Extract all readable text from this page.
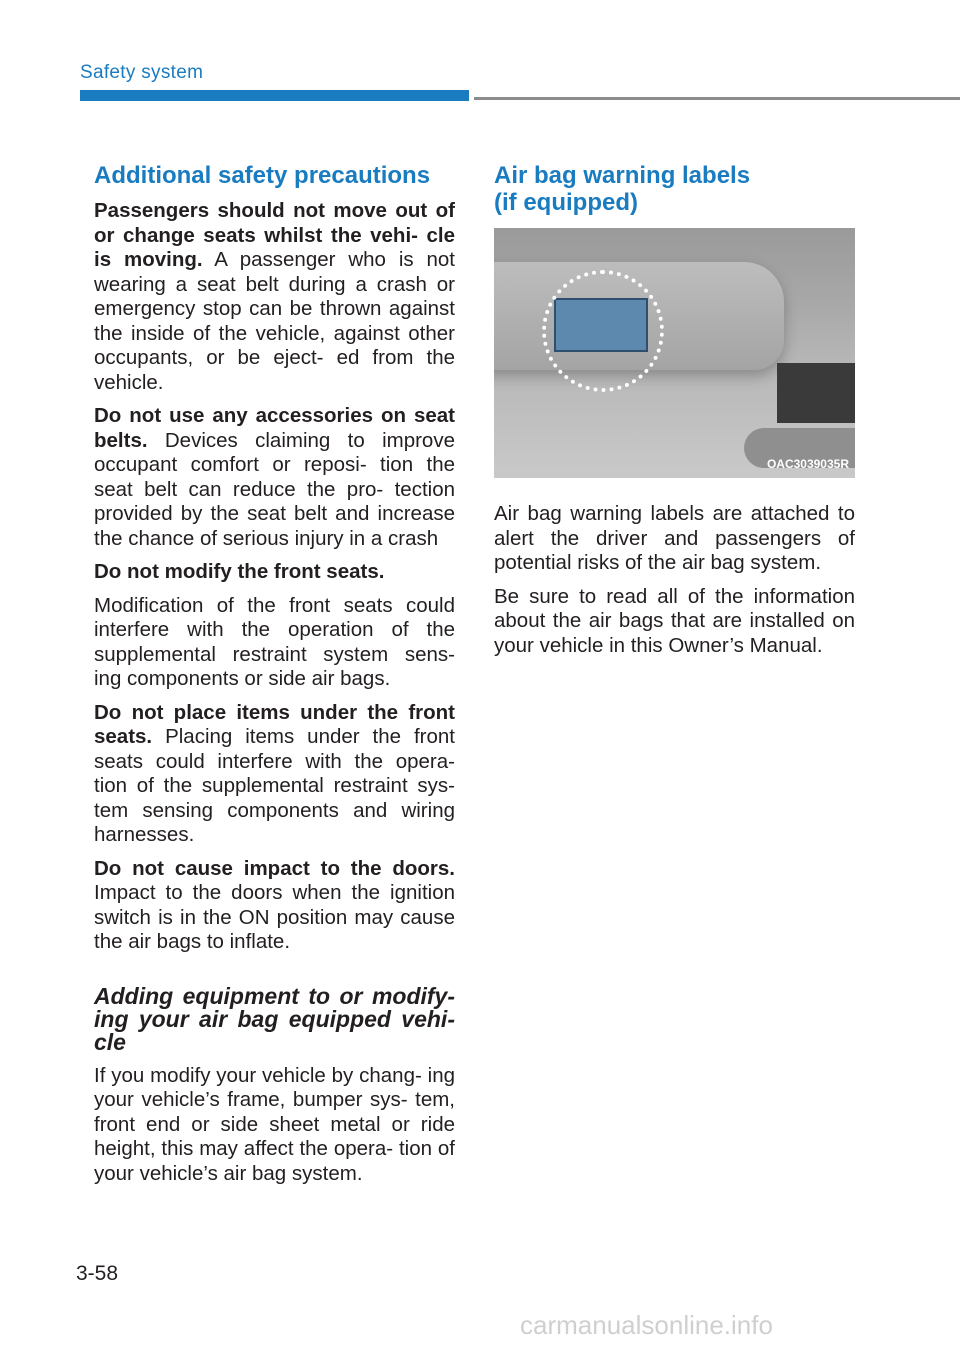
Safety system
Additional safety precautions

Passengers should not move out of or change seats whilst the vehi- cle is moving. A passenger who is not wearing a seat belt during a crash or emergency stop can be thrown against the inside of the vehicle, against other occupants, or be eject- ed from the vehicle.

Do not use any accessories on seat belts. Devices claiming to improve occupant comfort or reposi- tion the seat belt can reduce the pro- tection provided by the seat belt and increase the chance of serious injury in a crash

Do not modify the front seats.

Modification of the front seats could interfere with the operation of the supplemental restraint system sens- ing components or side air bags.

Do not place items under the front seats. Placing items under the front seats could interfere with the opera- tion of the supplemental restraint sys- tem sensing components and wiring harnesses.

Do not cause impact to the doors. Impact to the doors when the ignition switch is in the ON position may cause the air bags to inflate.

Adding equipment to or modify- ing your air bag equipped vehi- cle

If you modify your vehicle by chang- ing your vehicle’s frame, bumper sys- tem, front end or side sheet metal or ride height, this may affect the opera- tion of your vehicle’s air bag system.

Air bag warning labels
(if equipped)
OAC3039035R

Air bag warning labels are attached to alert the driver and passengers of potential risks of the air bag system.

Be sure to read all of the information about the air bags that are installed on your vehicle in this Owner’s Manual.

3-58
carmanualsonline.info
